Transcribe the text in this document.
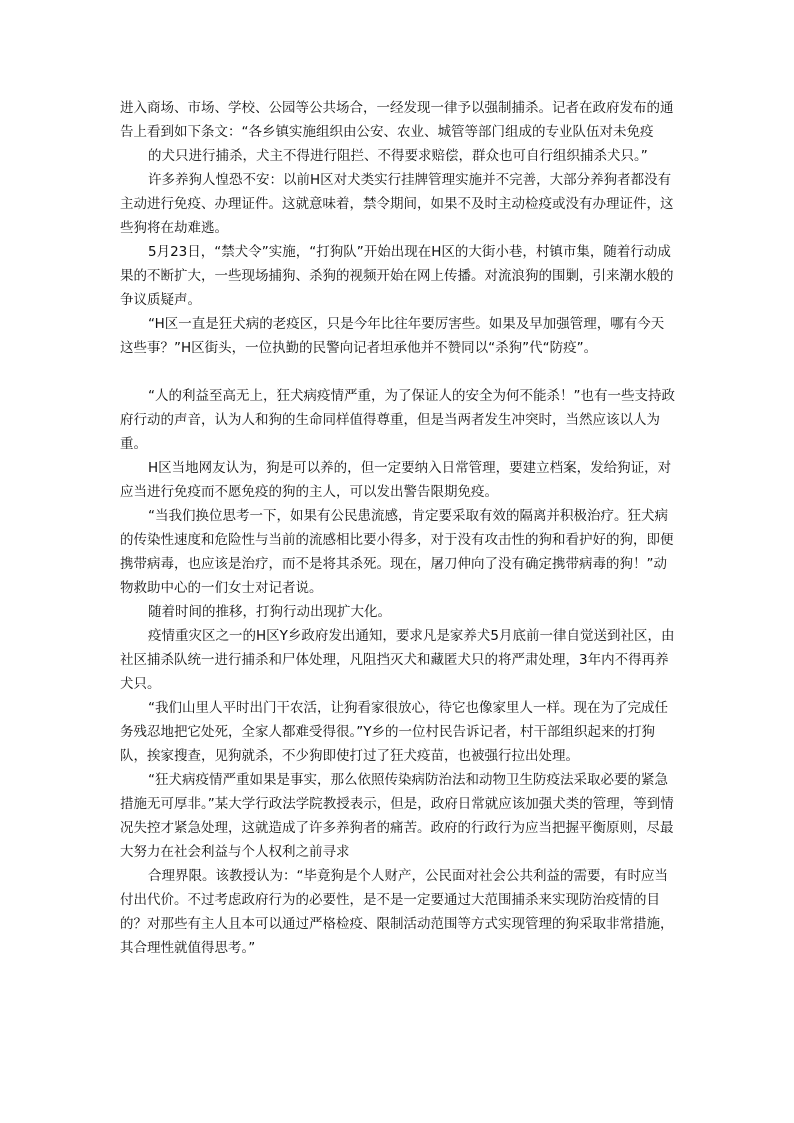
进入商场、市场、学校、公园等公共场合，一经发现一律予以强制捕杀。记者在政府发布的通告上看到如下条文：“各乡镇实施组织由公安、农业、城管等部门组成的专业队伍对未免疫

的犬只进行捕杀，犬主不得进行阻拦、不得要求赔偿，群众也可自行组织捕杀犬只。”

许多养狗人惶恐不安：以前H区对犬类实行挂牌管理实施并不完善，大部分养狗者都没有主动进行免疫、办理证件。这就意味着，禁令期间，如果不及时主动检疫或没有办理证件，这些狗将在劫难逃。

5月23日，“禁犬令”实施，“打狗队”开始出现在H区的大街小巷，村镇市集，随着行动成果的不断扩大，一些现场捕狗、杀狗的视频开始在网上传播。对流浪狗的围剿，引来潮水般的争议质疑声。

“H区一直是狂犬病的老疫区，只是今年比往年要厉害些。如果及早加强管理，哪有今天这些事？”H区街头，一位执勤的民警向记者坦承他并不赞同以“杀狗”代“防疫”。

“人的利益至高无上，狂犬病疫情严重，为了保证人的安全为何不能杀！”也有一些支持政府行动的声音，认为人和狗的生命同样值得尊重，但是当两者发生冲突时，当然应该以人为重。

H区当地网友认为，狗是可以养的，但一定要纳入日常管理，要建立档案，发给狗证，对应当进行免疫而不愿免疫的狗的主人，可以发出警告限期免疫。

“当我们换位思考一下，如果有公民患流感，肯定要采取有效的隔离并积极治疗。狂犬病的传染性速度和危险性与当前的流感相比要小得多，对于没有攻击性的狗和看护好的狗，即便携带病毒，也应该是治疗，而不是将其杀死。现在，屠刀伸向了没有确定携带病毒的狗！”动物救助中心的一们女士对记者说。

随着时间的推移，打狗行动出现扩大化。

疫情重灾区之一的H区Y乡政府发出通知，要求凡是家养犬5月底前一律自觉送到社区，由社区捕杀队统一进行捕杀和尸体处理，凡阻挡灭犬和藏匿犬只的将严肃处理，3年内不得再养犬只。

“我们山里人平时出门干农活，让狗看家很放心，待它也像家里人一样。现在为了完成任务残忍地把它处死，全家人都难受得很。”Y乡的一位村民告诉记者，村干部组织起来的打狗队，挨家搜查，见狗就杀，不少狗即使打过了狂犬疫苗，也被强行拉出处理。

“狂犬病疫情严重如果是事实，那么依照传染病防治法和动物卫生防疫法采取必要的紧急措施无可厚非。”某大学行政法学院教授表示，但是，政府日常就应该加强犬类的管理，等到情况失控才紧急处理，这就造成了许多养狗者的痛苦。政府的行政行为应当把握平衡原则，尽最大努力在社会利益与个人权利之前寻求

合理界限。该教授认为：“毕竟狗是个人财产，公民面对社会公共利益的需要，有时应当付出代价。不过考虑政府行为的必要性，是不是一定要通过大范围捕杀来实现防治疫情的目的？对那些有主人且本可以通过严格检疫、限制活动范围等方式实现管理的狗采取非常措施，其合理性就值得思考。”
